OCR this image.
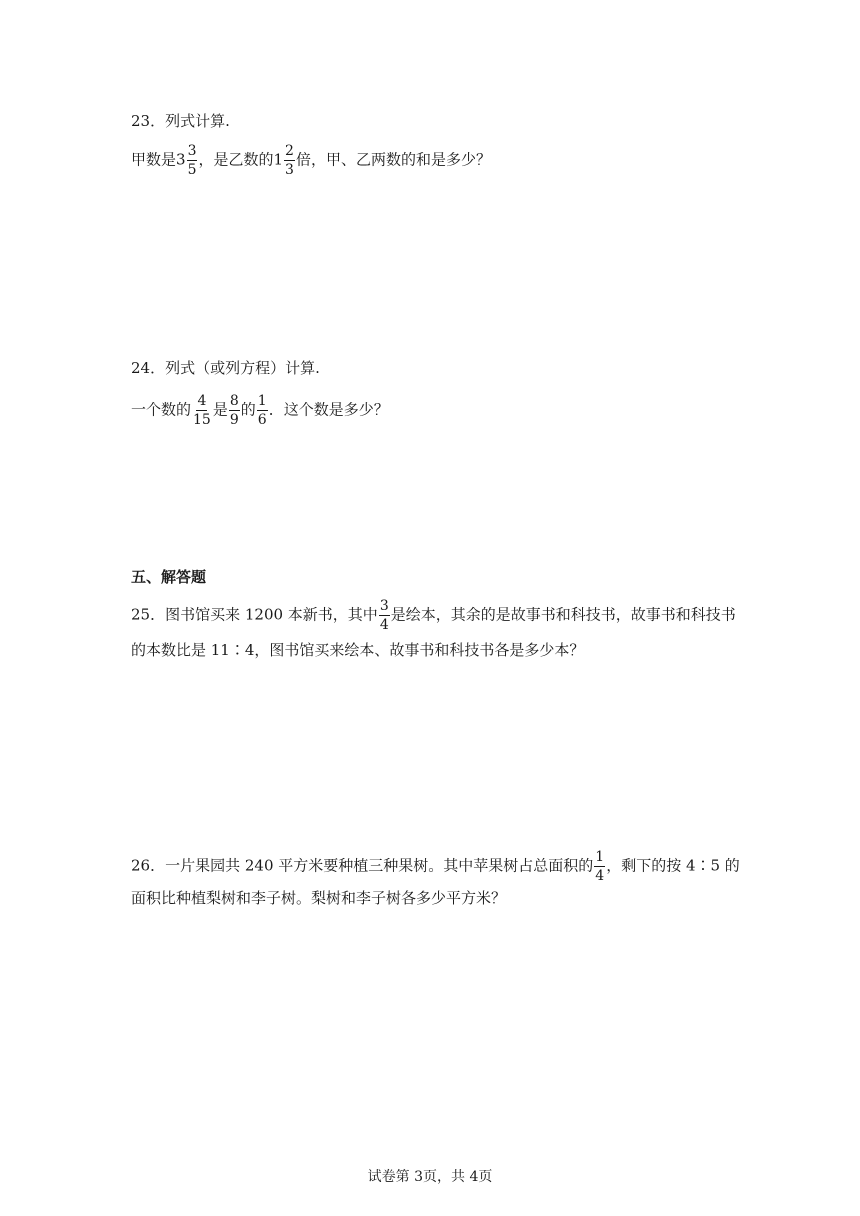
23．列式计算.
甲数是$3 \frac{3}{5}$ ，是乙数的$1 \frac{2}{3}$ 倍，甲、乙两数的和是多少？
24．列式（或列方程）计算.
一个数的 $\frac{4}{15}$ 是 $\frac{8}{9}$ 的 $\frac{1}{6}$ ．这个数是多少？
五、解答题
25．图书馆买来 1200 本新书，其中 $\frac{3}{4}$ 是绘本，其余的是故事书和科技书，故事书和科技书
的本数比是 11∶4，图书馆买来绘本、故事书和科技书各是多少本？
26．一片果园共 240 平方米要种植三种果树。其中苹果树占总面积的 $\frac{1}{4}$ ，剩下的按 4∶5 的
面积比种植梨树和李子树。梨树和李子树各多少平方米？
试卷第 3页，共 4页
